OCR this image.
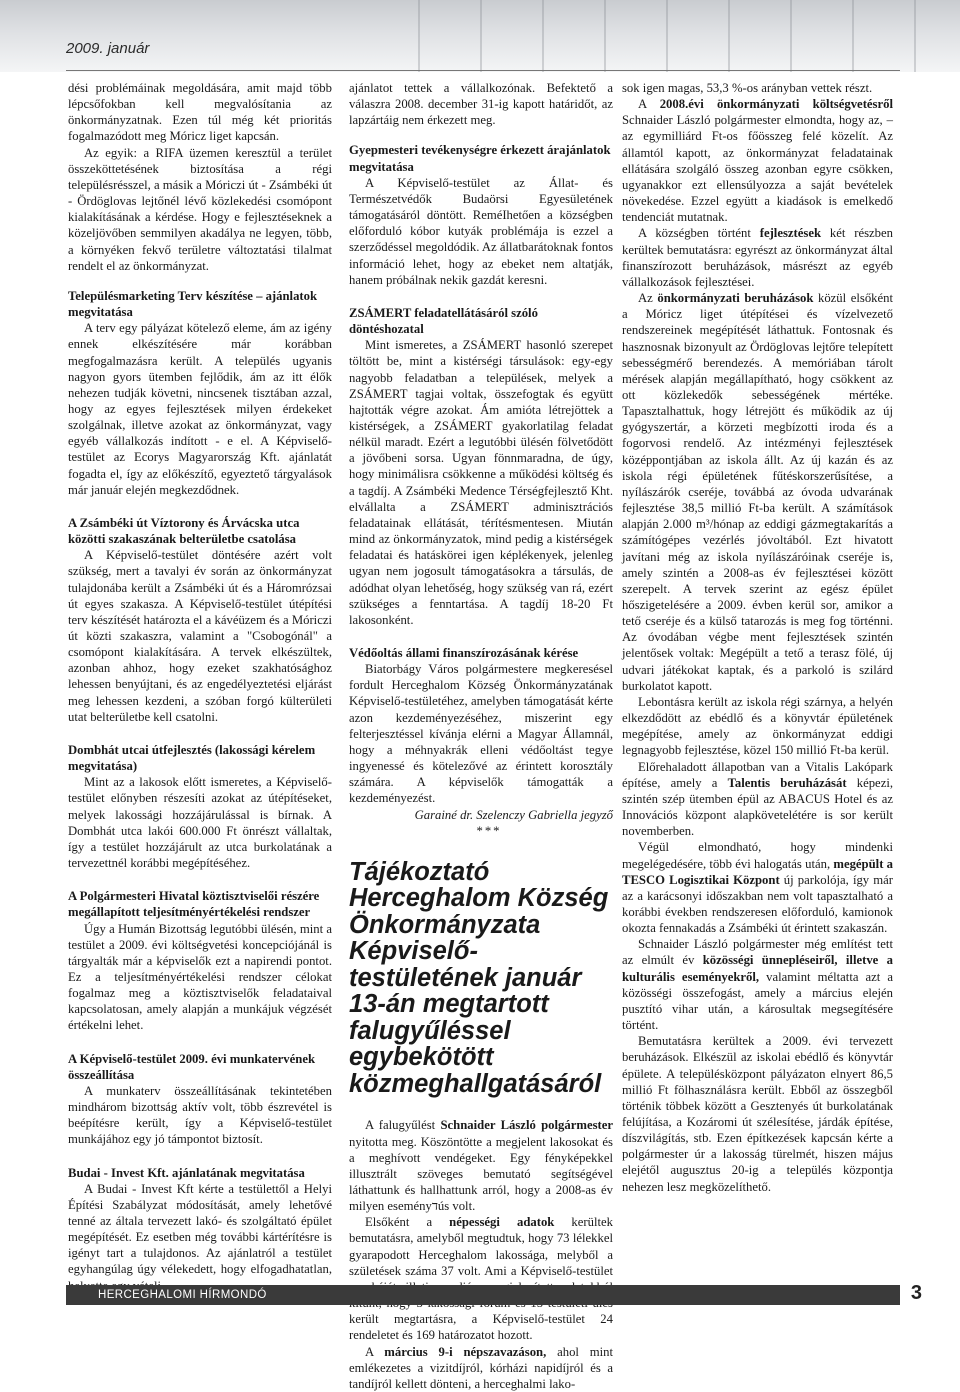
2009. január

dési problémáinak megoldására, amit majd több lépcsőfokban kell megvalósítania az önkormányzatnak. Ezen túl még két prioritás fogalmazódott meg Móricz liget kapcsán.

Az egyik: a RIFA üzemen keresztül a terület összeköttetésének biztosítása a régi településrésszel, a másik a Móriczi út - Zsámbéki út - Ördöglovas lejtőnél lévő közlekedési csomópont kialakításának a kérdése. Hogy e fejlesztéseknek a közeljövőben semmilyen akadálya ne legyen, több, a környéken fekvő területre változtatási tilalmat rendelt el az önkormányzat.

Településmarketing Terv készítése – ajánlatok megvitatása

A terv egy pályázat kötelező eleme, ám az igény ennek elkészítésére már korábban megfogalmazásra került. A település ugyanis nagyon gyors ütemben fejlődik, ám az itt élők nehezen tudják követni, nincsenek tisztában azzal, hogy az egyes fejlesztések milyen érdekeket szolgálnak, illetve azokat az önkormányzat, vagy egyéb vállalkozás indított - e el. A Képviselő-testület az Ecorys Magyarország Kft. ajánlatát fogadta el, így az előkészítő, egyeztető tárgyalások már január elején megkezdődnek.

A Zsámbéki út Víztorony és Árvácska utca közötti szakaszának belterületbe csatolása

A Képviselő-testület döntésére azért volt szükség, mert a tavalyi év során az önkormányzat tulajdonába került a Zsámbéki út és a Háromrózsai út egyes szakasza. A Képviselő-testület útépítési terv készítését határozta el a kávéüzem és a Móriczi út közti szakaszra, valamint a "Csobogónál" a csomópont kialakítására. A tervek elkészültek, azonban ahhoz, hogy ezeket szakhatósághoz lehessen benyújtani, és az engedélyeztetési eljárást meg lehessen kezdeni, a szóban forgó külterületi utat belterületbe kell csatolni.

Dombhát utcai útfejlesztés (lakossági kérelem megvitatása)

Mint az a lakosok előtt ismeretes, a Képviselő-testület előnyben részesíti azokat az útépítéseket, melyek lakossági hozzájárulással is bírnak. A Dombhát utca lakói 600.000 Ft önrészt vállaltak, így a testület hozzájárult az utca burkolatának a tervezettnél korábbi megépítéséhez.

A Polgármesteri Hivatal köztisztviselői részére megállapított teljesítményértékelési rendszer

Úgy a Humán Bizottság legutóbbi ülésén, mint a testület a 2009. évi költségvetési koncepciójánál is tárgyalták már a képviselők ezt a napirendi pontot. Ez a teljesítményértékelési rendszer célokat fogalmaz meg a köztisztviselők feladataival kapcsolatosan, amely alapján a munkájuk végzését értékelni lehet.

A Képviselő-testület 2009. évi munkatervének összeállítása

A munkaterv összeállításának tekintetében mindhárom bizottság aktív volt, több észrevétel is beépítésre került, így a Képviselő-testület munkájához egy jó támpontot biztosít.

Budai - Invest Kft. ajánlatának megvitatása

A Budai - Invest Kft kérte a testülettől a Helyi Építési Szabályzat módosítását, amely lehetővé tenné az általa tervezett lakó- és szolgáltató épület megépítését. Ez esetben még további kártérítésre is igényt tart a tulajdonos. Az ajánlatról a testület egyhangúlag úgy vélekedett, hogy elfogadhatatlan,

ajánlatot tettek a vállalkozónak. Befektető a válaszra 2008. december 31-ig kapott határidőt, az lapzártáig nem érkezett meg.

Gyepmesteri tevékenységre érkezett árajánlatok megvitatása

A Képviselő-testület az Állat- és Természetvédők Budaörsi Egyesületének támogatásáról döntött. ReméIhetően a községben előforduló kóbor kutyák problémája is ezzel a szerződéssel megoldódik. Az állatbarátoknak fontos információ lehet, hogy az ebeket nem altatják, hanem próbálnak nekik gazdát keresni.

ZSÁMERT feladatellátásáról szóló döntéshozatal

Mint ismeretes, a ZSÁMERT hasonló szerepet töltött be, mint a kistérségi társulások: egy-egy nagyobb feladatban a települések, melyek a ZSÁMERT tagjai voltak, összefogtak és együtt hajtották végre azokat. Ám amióta létrejöttek a kistérségek, a ZSÁMERT gyakorlatilag feladat nélkül maradt. Ezért a legutóbbi ülésén fölvetődött a jövőbeni sorsa. Ugyan fönnmaradna, de úgy, hogy minimálisra csökkenne a működési költség és a tagdíj. A Zsámbéki Medence Térségfejlesztő Kht. elvállalta a ZSÁMERT adminisztrációs feladatainak ellátását, térítésmentesen. Miután mind az önkormányzatok, mind pedig a kistérségek feladatai és hatáskörei igen képlékenyek, jelenleg ugyan nem jogosult támogatásokra a társulás, de adódhat olyan lehetőség, hogy szükség van rá, ezért szükséges a fenntartása. A tagdíj 18-20 Ft lakosonként.

Védőoltás állami finanszírozásának kérése

Biatorbágy Város polgármestere megkeresésel fordult Herceghalom Község Önkormányzatának Képviselő-testületéhez, amelyben támogatását kérte azon kezdeményezéséhez, miszerint egy felterjesztéssel kívánja elérni a Magyar Államnál, hogy a méhnyakrák elleni védőoltást tegye ingyenessé és kötelezővé az érintett korosztály számára. A képviselők támogatták a kezdeményezést.

Garainé dr. Szelenczy Gabriella jegyző

***

Tájékoztató Herceghalom Község Önkormányzata Képviselő-testületének január 13-án megtartott falugyűléssel egybekötött közmeghallgatásáról

A falugyűlést Schnaider László polgármester nyitotta meg. Köszöntötte a megjelent lakosokat és a meghívott vendégeket. Egy fényképekkel illusztrált szöveges bemutató segítségével láthattunk és hallhattunk arról, hogy a 2008-as év milyen eseményדús volt.

Elsőként a népességi adatok kerültek bemutatásra, amelyből megtudtuk, hogy 73 lélekkel gyarapodott Herceghalom lakossága, melyből a születések száma 37 volt. Ami a Képviselő-testület került megtartásra, a Képviselő-testület 24 rendeletet és 169 határozatot hozott.

A március 9-i népszavazáson, ahol mint emlékezetes a vizitdíjról, kórházi napidíjról és a tandíjról kellett dönteni, a herceghalmi lako-

sok igen magas, 53,3 %-os arányban vettek részt.

A 2008.évi önkormányzati költségvetésről Schnaider László polgármester elmondta, hogy az, – az egymilliárd Ft-os főösszeg felé közelít. Az államtól kapott, az önkormányzat feladatainak ellátására szolgáló összeg azonban egyre csökken, ugyanakkor ezt ellensúlyozza a saját bevételek növekedése. Ezzel együtt a kiadások is emelkedő tendenciát mutatnak.

A községben történt fejlesztések két részben kerültek bemutatásra: egyrészt az önkormányzat által finanszírozott beruházások, másrészt az egyéb vállalkozások fejlesztései.

Az önkormányzati beruházások közül elsőként a Móricz liget útépítései és vízelvezető rendszereinek megépítését láthattuk. Fontosnak és hasznosnak bizonyult az Ördöglovas lejtőre telepített sebességmérő berendezés. A memóriában tárolt mérések alapján megállapítható, hogy csökkent az ott közlekedők sebességének mértéke. Tapasztalhattuk, hogy létrejött és működik az új gyógyszertár, a körzeti megbízotti iroda és a fogorvosi rendelő. Az intézményi fejlesztések középpontjában az iskola állt. Az új kazán és az iskola régi épületének fűtéskorszerűsítése, a nyílászárók cseréje, továbbá az óvoda udvarának fejlesztése 38,5 millió Ft-ba került. A számítások alapján 2.000 m³/hónap az eddigi gázmegtakarítás a számítógépes vezérlés jóvoltából. Ezt hivatott javítani még az iskola nyílászáróinak cseréje is, amely szintén a 2008-as év fejlesztései között szerepelt. A tervek szerint az egész épület hőszigetelésére a 2009. évben kerül sor, amikor a tető cseréje és a külső tatarozás is meg fog történni. Az óvodában végbe ment fejlesztések szintén jelentősek voltak: Megépült a tető a terasz fölé, új udvari játékokat kaptak, és a parkoló is szilárd burkolatot kapott.

Lebontásra került az iskola régi szárnya, a helyén elkezdődött az ebédlő és a könyvtár épületének megépítése, amely az önkormányzat eddigi legnagyobb fejlesztése, közel 150 millió Ft-ba kerül.

Előrehaladott állapotban van a Vitalis Lakópark építése, amely a Talentis beruházását képezi, szintén szép ütemben épül az ABACUS Hotel és az Innovációs központ alapkövetelétére is sor került novemberben.

Végül elmondható, hogy mindenki megelégedésére, több évi halogatás után, megépült a TESCO Logisztikai Központ új parkolója, így már az a karácsonyi időszakban nem volt tapasztalható a korábbi években rendszeresen előforduló, kamionok okozta fennakadás a Zsámbéki út érintett szakaszán.

Schnaider László polgármester még említést tett az elmúlt év közösségi ünnepléseiről, illetve a kulturális eseményekről, valamint méltatta azt a közösségi összefogást, amely a március elején pusztító vihar után, a károsultak megsegítésére történt.

Bemutatásra kerültek a 2009. évi tervezett beruházások. Elkészül az iskolai ebédlő és könyvtár épülete. A településközpont pályázaton elnyert 86,5 millió Ft fölhasználásra került. Ebből az összegből történik többek között a Gesztenyés út burkolatának felújítása, a Kozáromi út szélesítése, járdák építése, díszvilágítás, stb. Ezen építkezések kapcsán kérte a polgármester úr a lakosság türelmét, hiszen május elejétől augusztus 20-ig a település központja nehezen lesz megközelíthető.

HERCEGHALOMI HÍRMONDÓ	3
